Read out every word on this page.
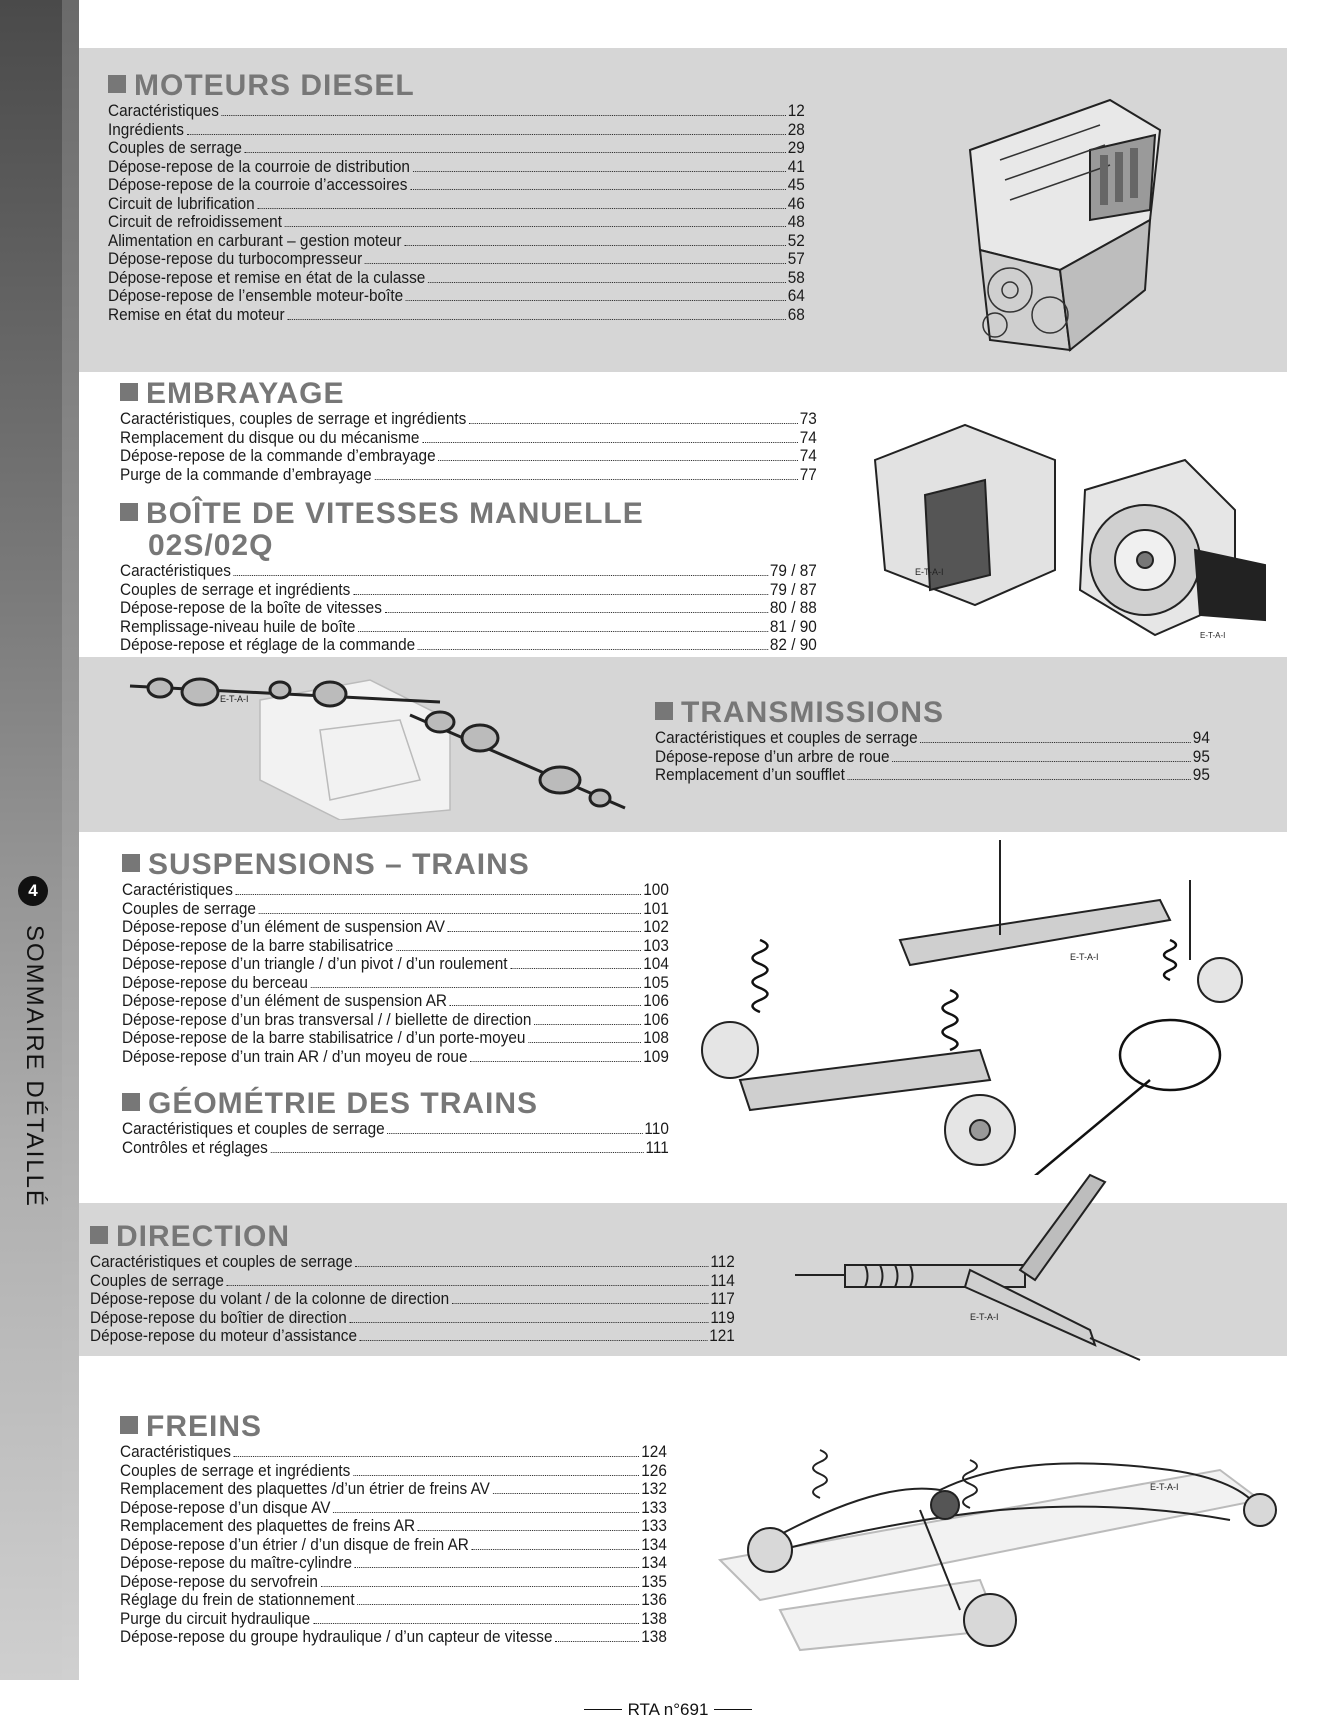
4
SOMMAIRE DÉTAILLÉ
MOTEURS DIESEL
Caractéristiques	12
Ingrédients	28
Couples de serrage	29
Dépose-repose de la courroie de distribution	41
Dépose-repose de la courroie d’accessoires	45
Circuit de lubrification	46
Circuit de refroidissement	48
Alimentation en carburant – gestion moteur	52
Dépose-repose du turbocompresseur	57
Dépose-repose et remise en état de la culasse	58
Dépose-repose de l’ensemble moteur-boîte	64
Remise en état du moteur	68
EMBRAYAGE
Caractéristiques, couples de serrage et ingrédients	73
Remplacement du disque ou du mécanisme	74
Dépose-repose de la commande d’embrayage	74
Purge de la commande d’embrayage	77
BOÎTE DE VITESSES MANUELLE
02S/02Q
Caractéristiques	79 / 87
Couples de serrage et ingrédients	79 / 87
Dépose-repose de la boîte de vitesses	80 / 88
Remplissage-niveau huile de boîte	81 / 90
Dépose-repose et réglage de la commande	82 / 90
TRANSMISSIONS
Caractéristiques et couples de serrage	94
Dépose-repose d’un arbre de roue	95
Remplacement d’un soufflet	95
SUSPENSIONS – TRAINS
Caractéristiques	100
Couples de serrage	101
Dépose-repose d’un élément de suspension AV	102
Dépose-repose de la barre stabilisatrice	103
Dépose-repose d’un triangle / d’un pivot / d’un roulement	104
Dépose-repose du berceau	105
Dépose-repose d’un élément de suspension AR	106
Dépose-repose d’un bras transversal / / biellette de direction	106
Dépose-repose de la barre stabilisatrice / d’un porte-moyeu	108
Dépose-repose d’un train AR / d’un moyeu de roue	109
GÉOMÉTRIE DES TRAINS
Caractéristiques et couples de serrage	110
Contrôles et réglages	111
DIRECTION
Caractéristiques et couples de serrage	112
Couples de serrage	114
Dépose-repose du volant / de la colonne de direction	117
Dépose-repose du boîtier de direction	119
Dépose-repose du moteur d’assistance	121
FREINS
Caractéristiques	124
Couples de serrage et ingrédients	126
Remplacement des plaquettes /d’un étrier de freins AV	132
Dépose-repose d’un disque AV	133
Remplacement des plaquettes de freins AR	133
Dépose-repose d’un étrier / d’un disque de frein AR	134
Dépose-repose du maître-cylindre	134
Dépose-repose du servofrein	135
Réglage du frein de stationnement	136
Purge du circuit hydraulique	138
Dépose-repose du groupe hydraulique / d’un capteur de vitesse	138
E-T-A-I
E-T-A-I
E-T-A-I
E-T-A-I
E-T-A-I
E-T-A-I
RTA n°691
